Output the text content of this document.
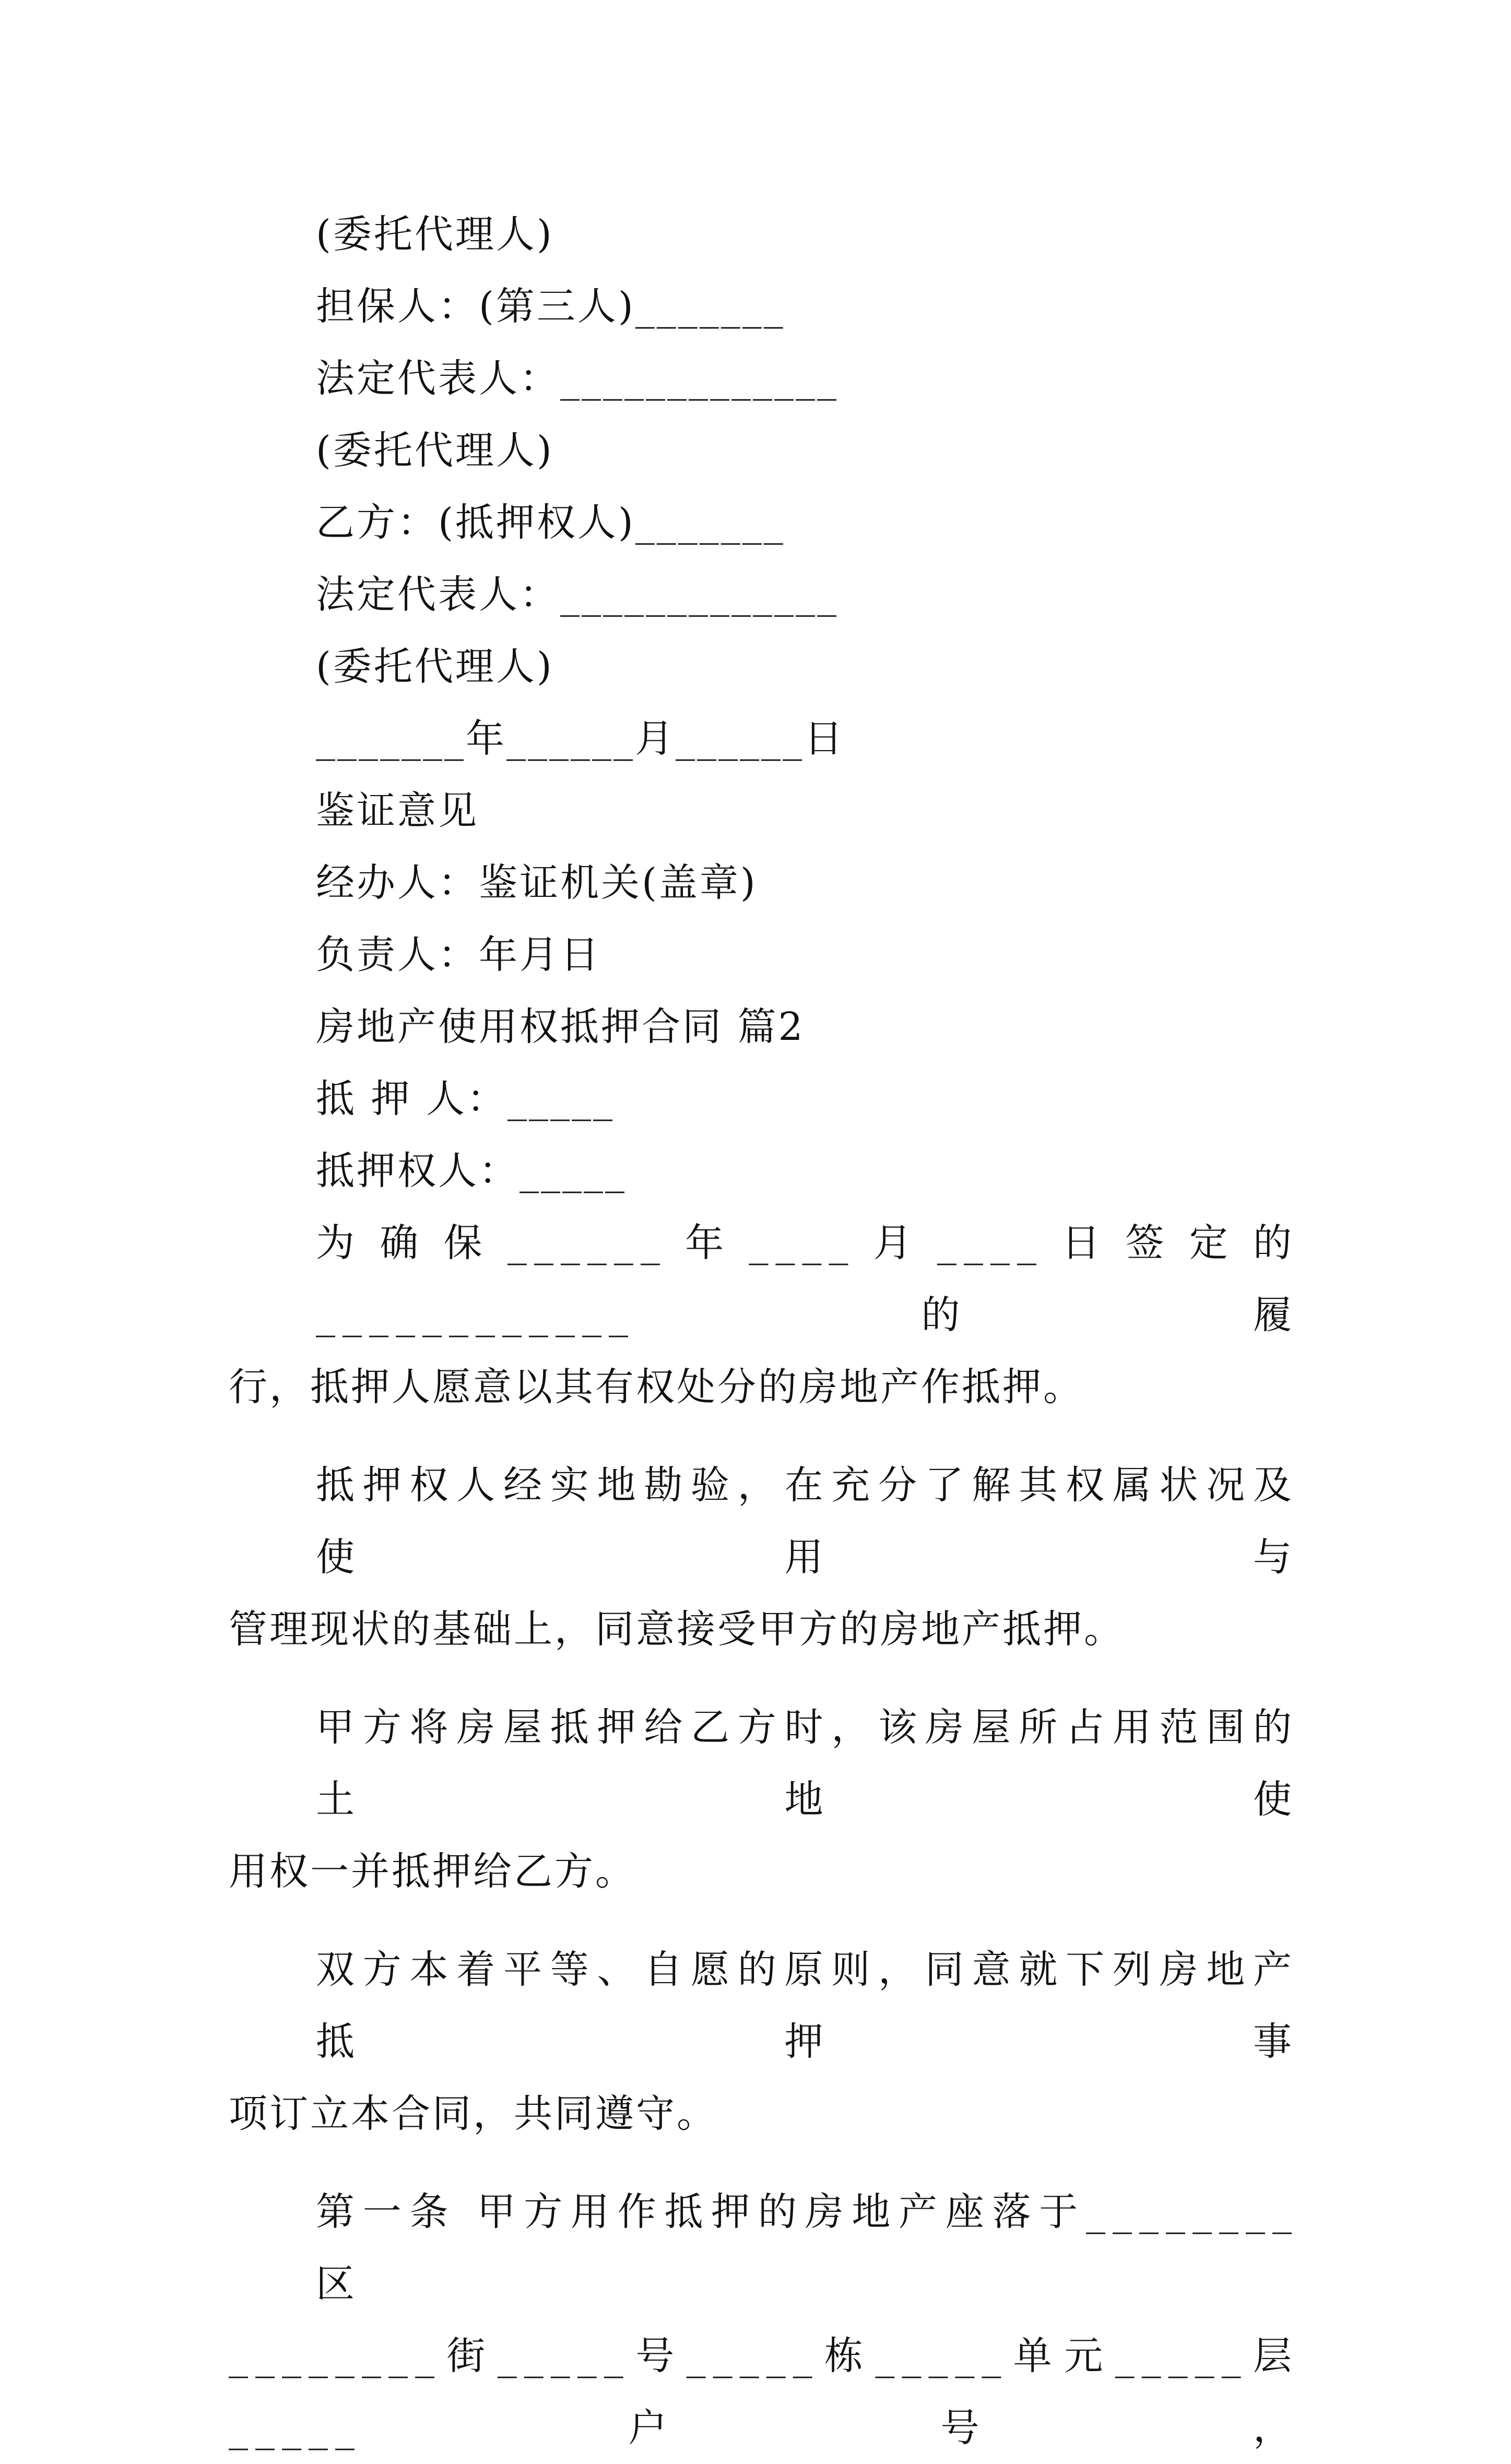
(委托代理人)
担保人：(第三人)_______
法定代表人：_____________
(委托代理人)
乙方：(抵押权人)_______
法定代表人：_____________
(委托代理人)
_______年______月______日
鉴证意见
经办人：鉴证机关(盖章)
负责人：年月日
房地产使用权抵押合同 篇2
抵 押 人：_____
抵押权人：_____
为确保______年____月____日签定的____________的履
行，抵押人愿意以其有权处分的房地产作抵押。
抵押权人经实地勘验，在充分了解其权属状况及使用与
管理现状的基础上，同意接受甲方的房地产抵押。
甲方将房屋抵押给乙方时，该房屋所占用范围的土地使
用权一并抵押给乙方。
双方本着平等、自愿的原则，同意就下列房地产抵押事
项订立本合同，共同遵守。
第一条 甲方用作抵押的房地产座落于________区
________街_____号_____栋_____单元_____层_____户号，
